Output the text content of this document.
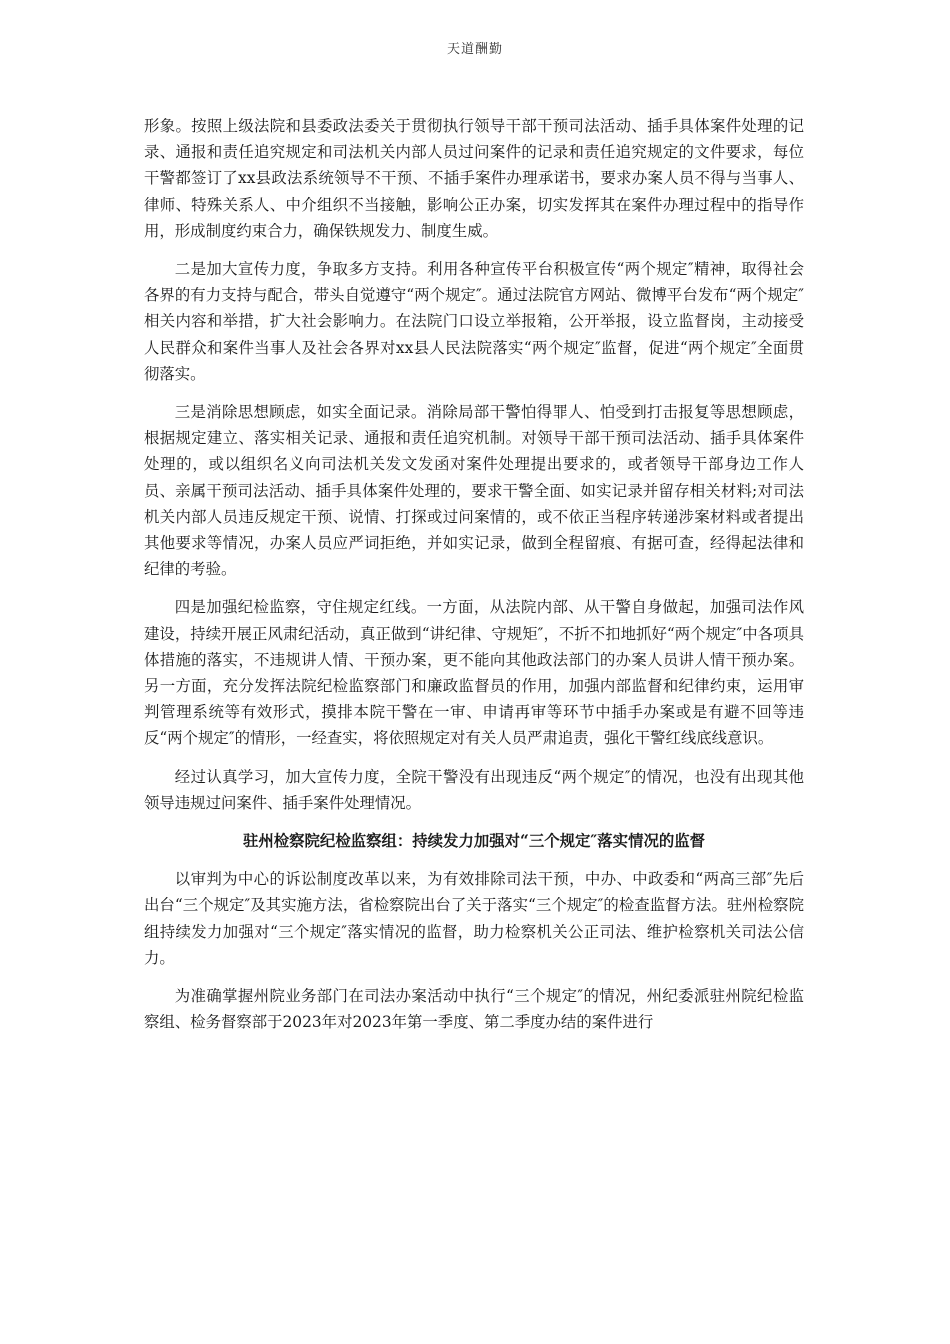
天道酬勤

形象。按照上级法院和县委政法委关于贯彻执行领导干部干预司法活动、插手具体案件处理的记录、通报和责任追究规定和司法机关内部人员过问案件的记录和责任追究规定的文件要求，每位干警都签订了xx县政法系统领导不干预、不插手案件办理承诺书，要求办案人员不得与当事人、律师、特殊关系人、中介组织不当接触，影响公正办案，切实发挥其在案件办理过程中的指导作用，形成制度约束合力，确保铁规发力、制度生威。

二是加大宣传力度，争取多方支持。利用各种宣传平台积极宣传“两个规定″精神，取得社会各界的有力支持与配合，带头自觉遵守“两个规定″。通过法院官方网站、微博平台发布“两个规定″相关内容和举措，扩大社会影响力。在法院门口设立举报箱，公开举报，设立监督岗，主动接受人民群众和案件当事人及社会各界对xx县人民法院落实“两个规定″监督，促进“两个规定″全面贯彻落实。

三是消除思想顾虑，如实全面记录。消除局部干警怕得罪人、怕受到打击报复等思想顾虑，根据规定建立、落实相关记录、通报和责任追究机制。对领导干部干预司法活动、插手具体案件处理的，或以组织名义向司法机关发文发函对案件处理提出要求的，或者领导干部身边工作人员、亲属干预司法活动、插手具体案件处理的，要求干警全面、如实记录并留存相关材料;对司法机关内部人员违反规定干预、说情、打探或过问案情的，或不依正当程序转递涉案材料或者提出其他要求等情况，办案人员应严词拒绝，并如实记录，做到全程留痕、有据可查，经得起法律和纪律的考验。

四是加强纪检监察，守住规定红线。一方面，从法院内部、从干警自身做起，加强司法作风建设，持续开展正风肃纪活动，真正做到“讲纪律、守规矩″，不折不扣地抓好“两个规定″中各项具体措施的落实，不违规讲人情、干预办案，更不能向其他政法部门的办案人员讲人情干预办案。另一方面，充分发挥法院纪检监察部门和廉政监督员的作用，加强内部监督和纪律约束，运用审判管理系统等有效形式，摸排本院干警在一审、申请再审等环节中插手办案或是有避不回等违反“两个规定″的情形，一经查实，将依照规定对有关人员严肃追责，强化干警红线底线意识。

经过认真学习，加大宣传力度，全院干警没有出现违反“两个规定″的情况，也没有出现其他领导违规过问案件、插手案件处理情况。

驻州检察院纪检监察组：持续发力加强对“三个规定″落实情况的监督

以审判为中心的诉讼制度改革以来，为有效排除司法干预，中办、中政委和“两高三部″先后出台“三个规定″及其实施方法，省检察院出台了关于落实“三个规定″的检查监督方法。驻州检察院组持续发力加强对“三个规定″落实情况的监督，助力检察机关公正司法、维护检察机关司法公信力。

为准确掌握州院业务部门在司法办案活动中执行“三个规定″的情况，州纪委派驻州院纪检监察组、检务督察部于2023年对2023年第一季度、第二季度办结的案件进行
